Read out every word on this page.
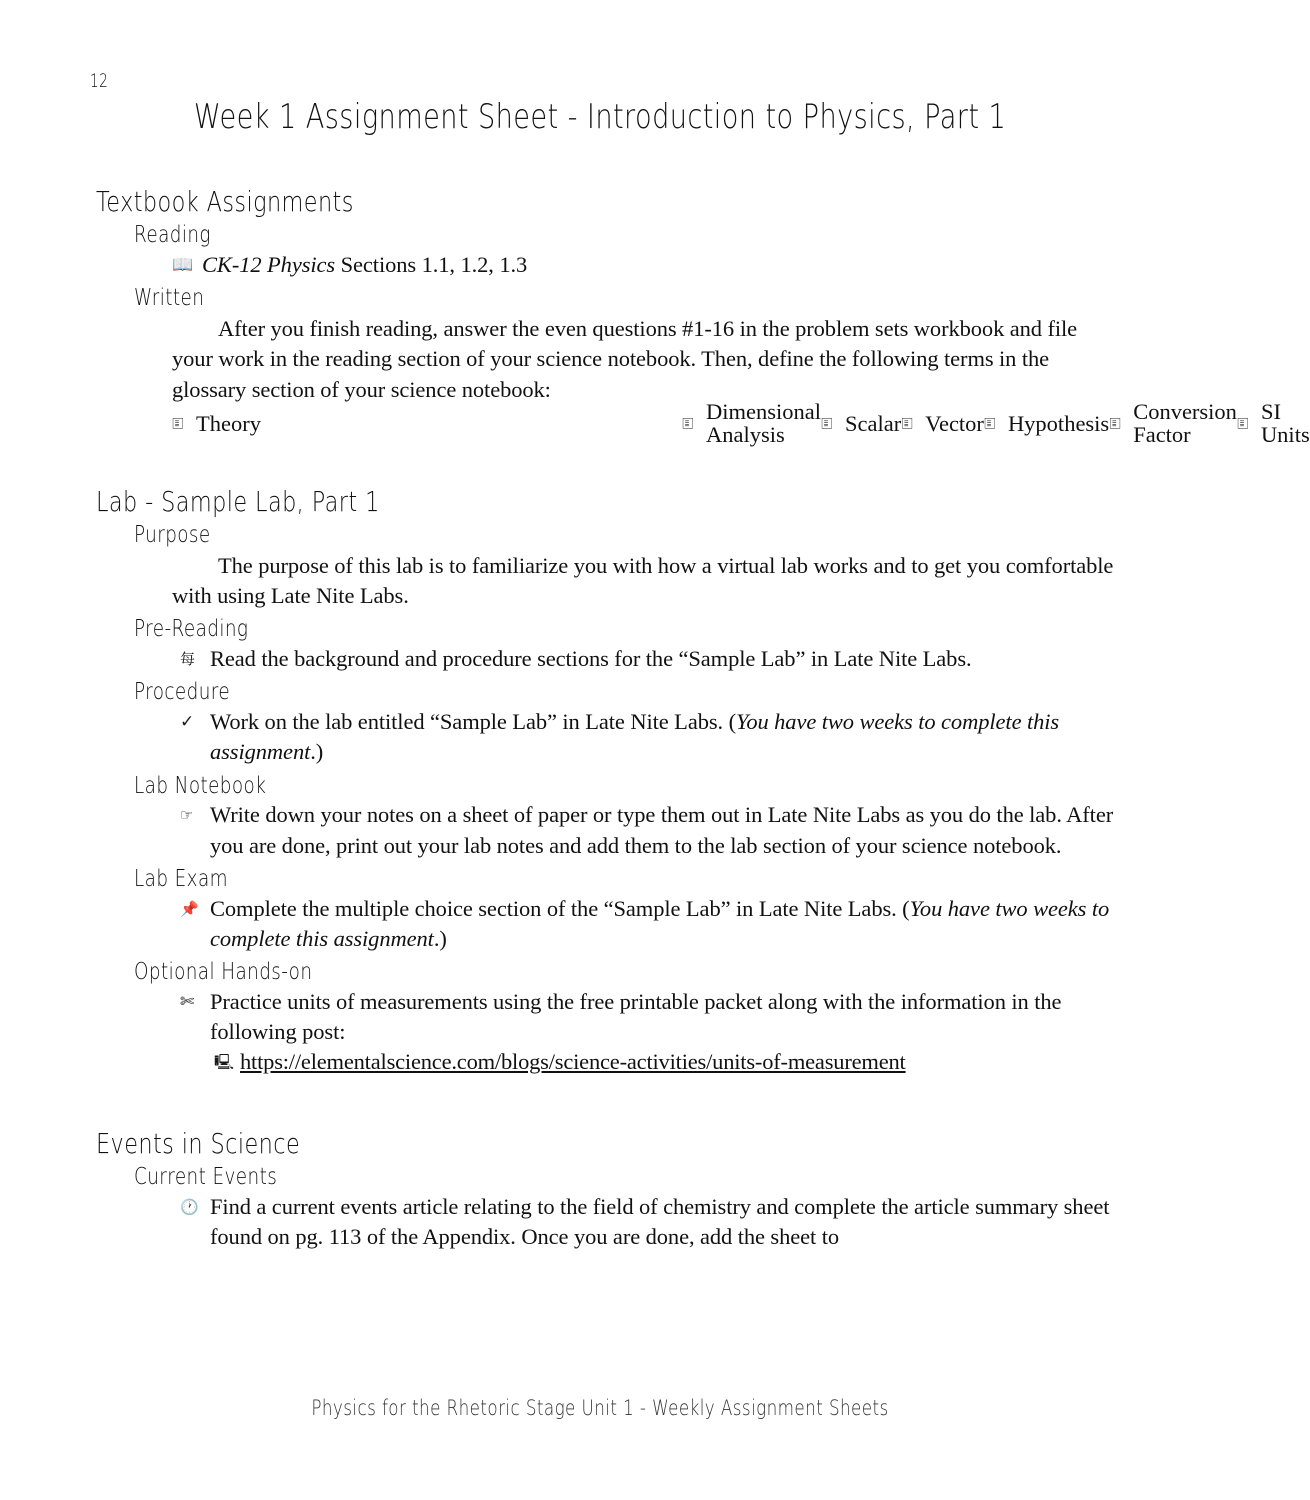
12
Week 1 Assignment Sheet - Introduction to Physics, Part 1
Textbook Assignments
Reading
📖 CK-12 Physics Sections 1.1, 1.2, 1.3
Written
After you finish reading, answer the even questions #1-16 in the problem sets workbook and file your work in the reading section of your science notebook. Then, define the following terms in the glossary section of your science notebook:
🗉 Theory	🗉 Dimensional Analysis	🗉 Scalar 🗉 Vector 🗉 Hypothesis 🗉 Conversion Factor	🗉 SI Units
Lab - Sample Lab, Part 1
Purpose
The purpose of this lab is to familiarize you with how a virtual lab works and to get you comfortable with using Late Nite Labs.
Pre-Reading
每 Read the background and procedure sections for the “Sample Lab” in Late Nite Labs.
Procedure
✓ Work on the lab entitled “Sample Lab” in Late Nite Labs. (You have two weeks to complete this assignment.)
Lab Notebook
☞ Write down your notes on a sheet of paper or type them out in Late Nite Labs as you do the lab. After you are done, print out your lab notes and add them to the lab section of your science notebook.
Lab Exam
📌 Complete the multiple choice section of the “Sample Lab” in Late Nite Labs. (You have two weeks to complete this assignment.)
Optional Hands-on
✄ Practice units of measurements using the free printable packet along with the information in the following post:
🖳 https://elementalscience.com/blogs/science-activities/units-of-measurement
Events in Science
Current Events
🕐 Find a current events article relating to the field of chemistry and complete the article summary sheet found on pg. 113 of the Appendix. Once you are done, add the sheet to
Physics for the Rhetoric Stage Unit 1 - Weekly Assignment Sheets
